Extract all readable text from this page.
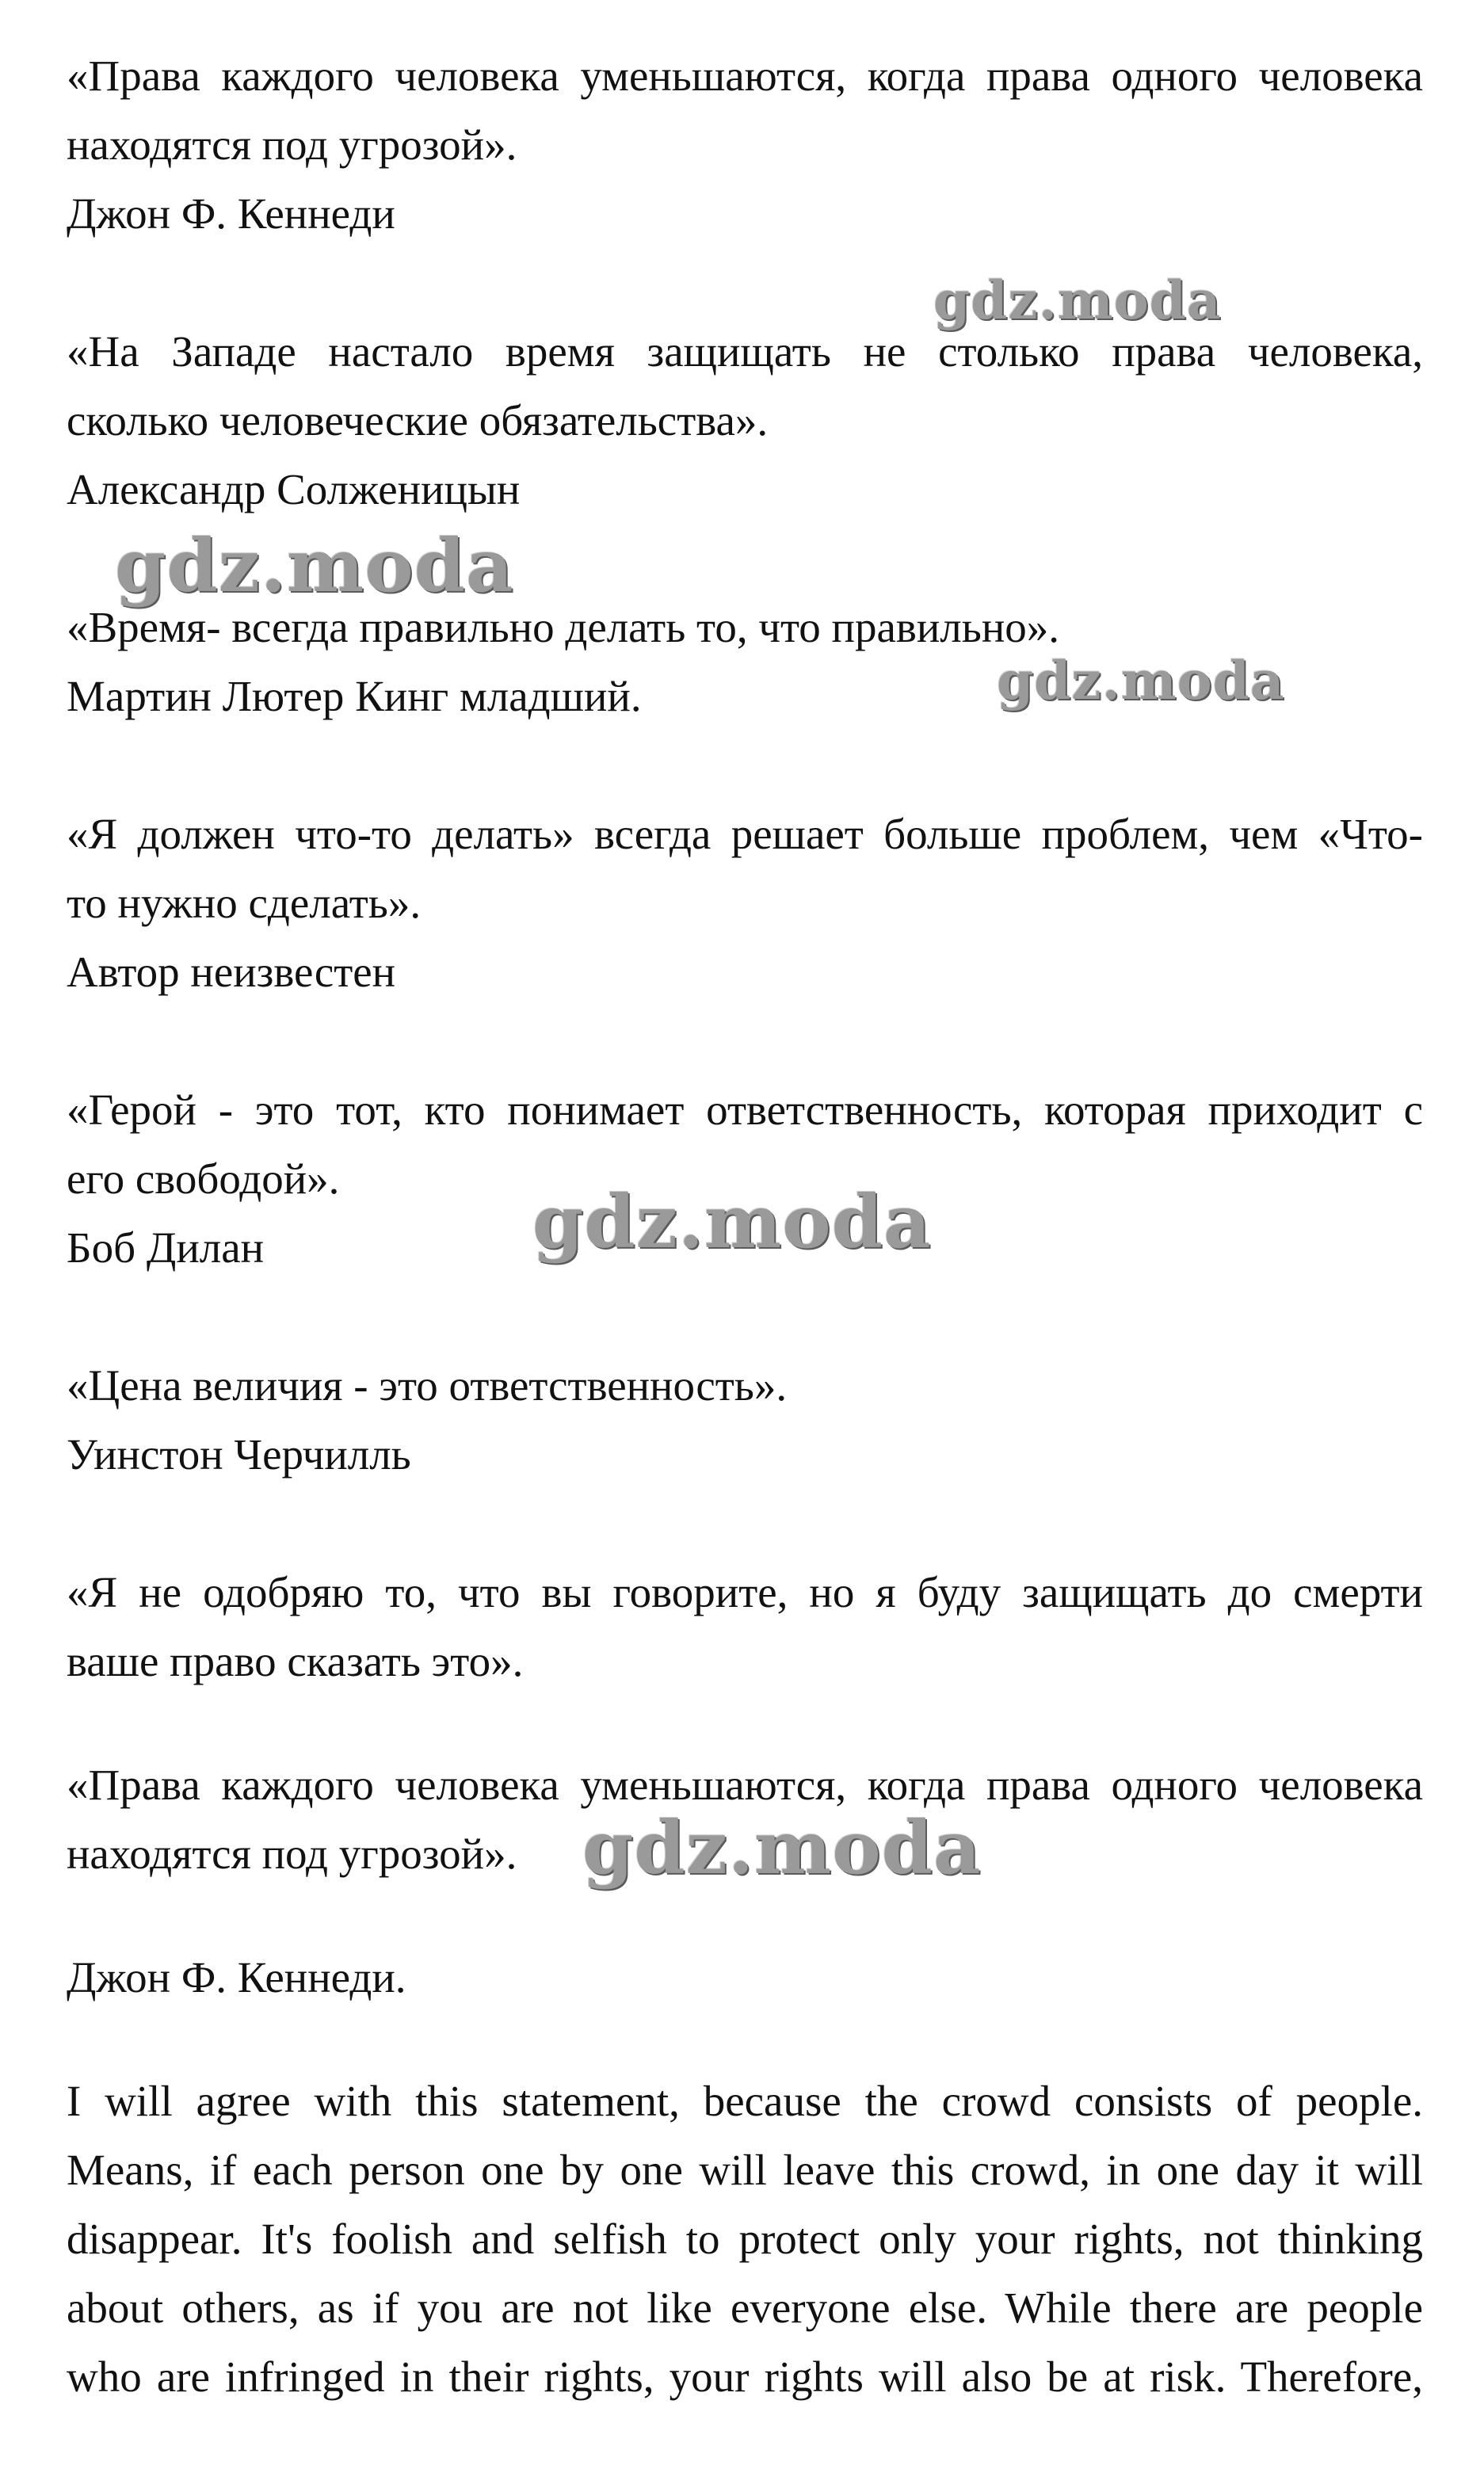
«Права каждого человека уменьшаются, когда права одного человека
находятся под угрозой».
Джон Ф. Кеннеди
«На Западе настало время защищать не столько права человека,
сколько человеческие обязательства».
Александр Солженицын
«Время- всегда правильно делать то, что правильно».
Мартин Лютер Кинг младший.
«Я должен что-то делать» всегда решает больше проблем, чем «Что-
то нужно сделать».
Автор неизвестен
«Герой - это тот, кто понимает ответственность, которая приходит с
его свободой».
Боб Дилан
«Цена величия - это ответственность».
Уинстон Черчилль
«Я не одобряю то, что вы говорите, но я буду защищать до смерти
ваше право сказать это».
«Права каждого человека уменьшаются, когда права одного человека
находятся под угрозой».
Джон Ф. Кеннеди.
I will agree with this statement, because the crowd consists of people.
Means, if each person one by one will leave this crowd, in one day it will
disappear. It's foolish and selfish to protect only your rights, not thinking
about others, as if you are not like everyone else. While there are people
who are infringed in their rights, your rights will also be at risk. Therefore,
gdz.moda
gdz.moda
gdz.moda
gdz.moda
gdz.moda
